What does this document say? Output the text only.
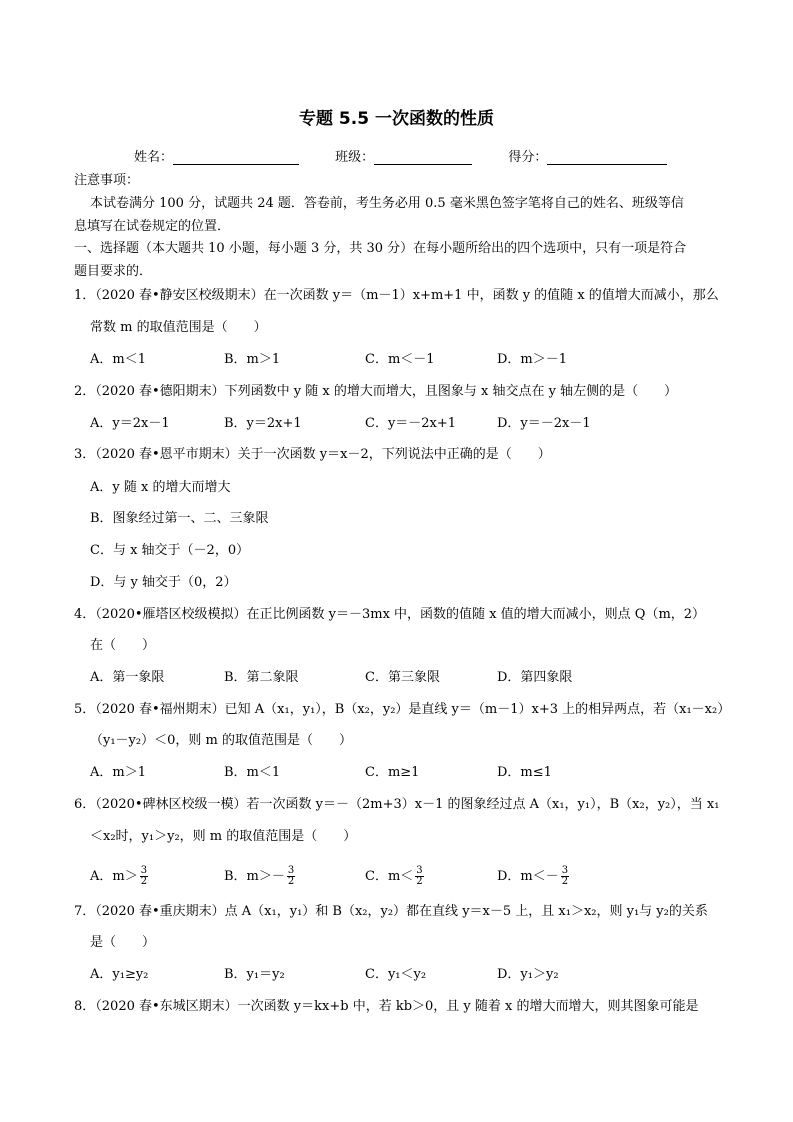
专题 5.5 一次函数的性质
姓名：	班级：	得分：
注意事项：
本试卷满分 100 分，试题共 24 题．答卷前，考生务必用 0.5 毫米黑色签字笔将自己的姓名、班级等信
息填写在试卷规定的位置．
一、选择题（本大题共 10 小题，每小题 3 分，共 30 分）在每小题所给出的四个选项中，只有一项是符合
题目要求的．
1．（2020 春•静安区校级期末）在一次函数 y＝（m－1）x+m+1 中，函数 y 的值随 x 的值增大而减小，那么
常数 m 的取值范围是（　　）
A．m＜1	B．m＞1	C．m＜－1	D．m＞－1
2．（2020 春•德阳期末）下列函数中 y 随 x 的增大而增大，且图象与 x 轴交点在 y 轴左侧的是（　　）
A．y＝2x－1	B．y＝2x+1	C．y＝－2x+1	D．y＝－2x－1
3．（2020 春•恩平市期末）关于一次函数 y＝x－2，下列说法中正确的是（　　）
A．y 随 x 的增大而增大
B．图象经过第一、二、三象限
C．与 x 轴交于（－2，0）
D．与 y 轴交于（0，2）
4．（2020•雁塔区校级模拟）在正比例函数 y＝－3mx 中，函数的值随 x 值的增大而减小，则点 Q（m，2）
在（　　）
A．第一象限	B．第二象限	C．第三象限	D．第四象限
5．（2020 春•福州期末）已知 A（x₁，y₁），B（x₂，y₂）是直线 y＝（m－1）x+3 上的相异两点，若（x₁－x₂）
（y₁－y₂）＜0，则 m 的取值范围是（　　）
A．m＞1	B．m＜1	C．m≥1	D．m≤1
6．（2020•碑林区校级一模）若一次函数 y＝－（2m+3）x－1 的图象经过点 A（x₁，y₁），B（x₂，y₂），当 x₁
＜x₂时，y₁＞y₂，则 m 的取值范围是（　　）
A．$m> \frac{3}{2}$	B．$m>- \frac{3}{2}$	C．$m< \frac{3}{2}$	D．$m<- \frac{3}{2}$
7．（2020 春•重庆期末）点 A（x₁，y₁）和 B（x₂，y₂）都在直线 y＝x－5 上，且 x₁＞x₂，则 y₁与 y₂的关系
是（　　）
A．y₁≥y₂	B．y₁＝y₂	C．y₁＜y₂	D．y₁＞y₂
8．（2020 春•东城区期末）一次函数 y＝kx+b 中，若 kb＞0，且 y 随着 x 的增大而增大，则其图象可能是
